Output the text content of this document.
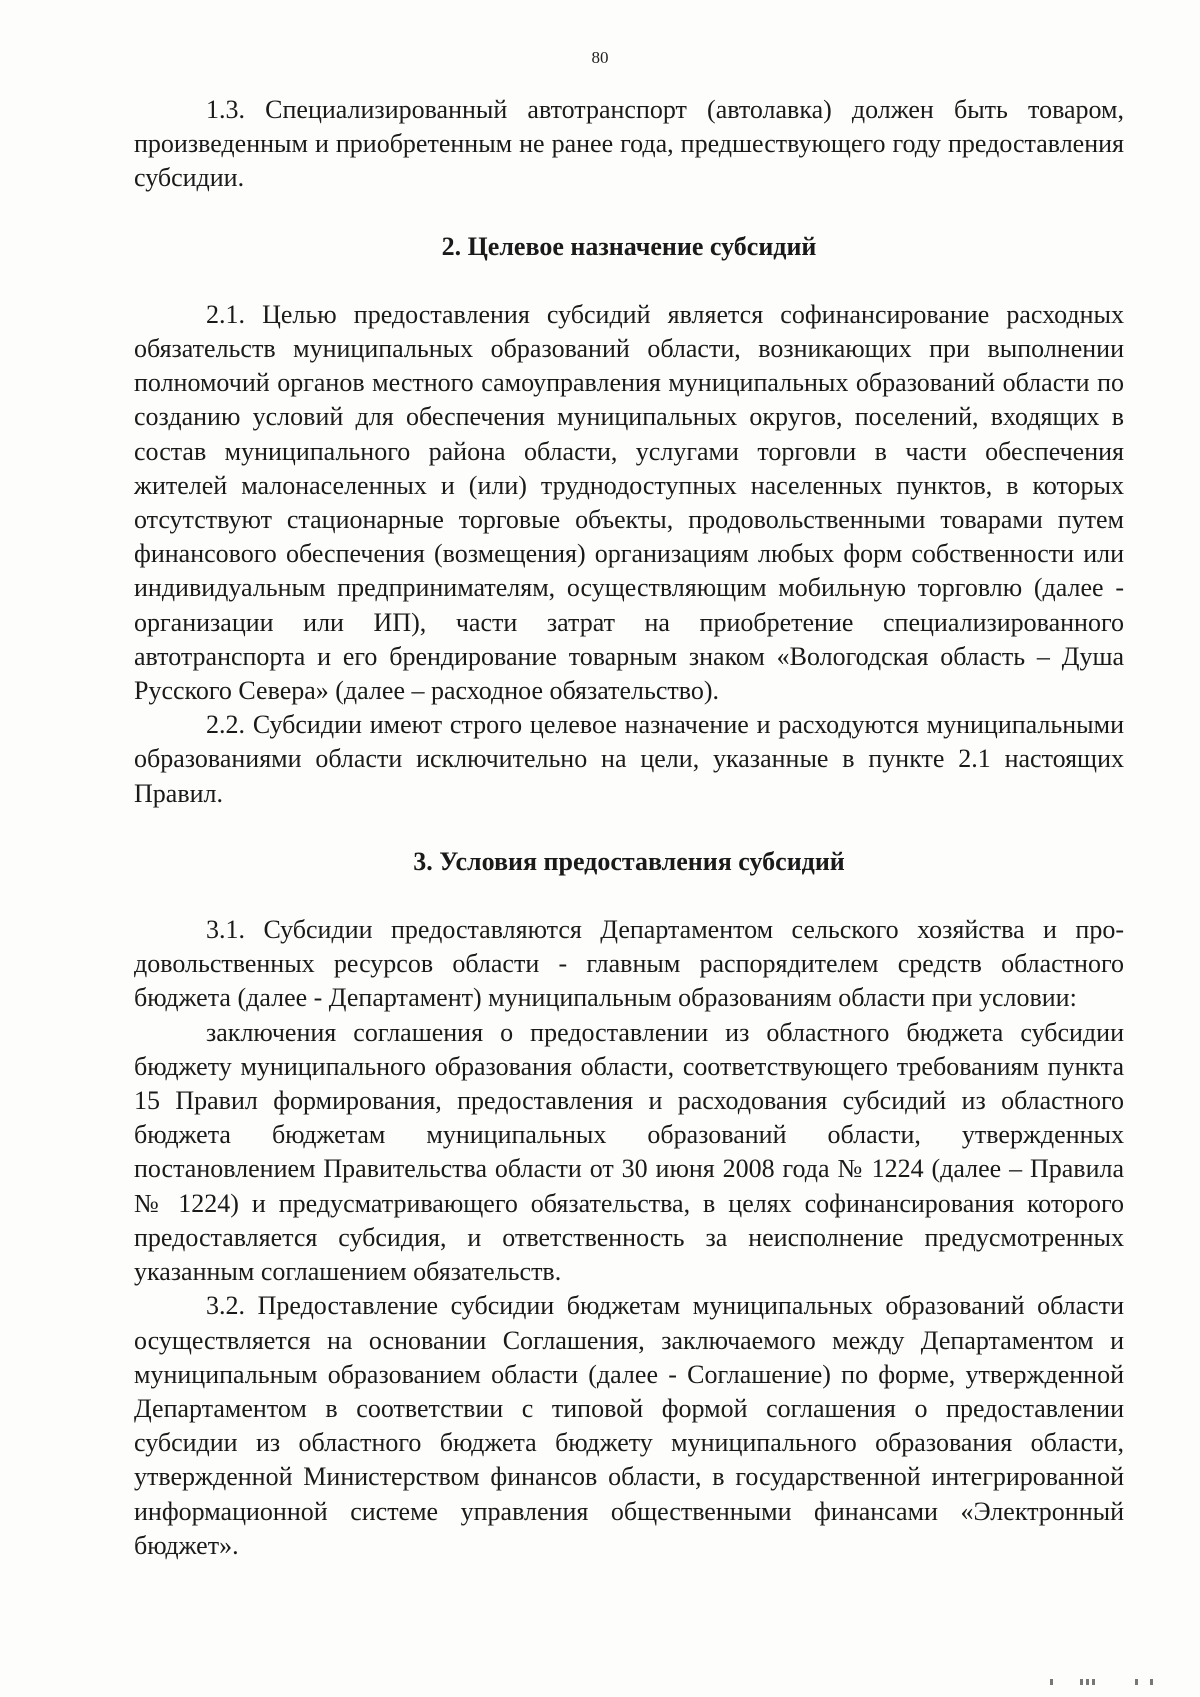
80

1.3. Специализированный автотранспорт (автолавка) должен быть товаром, произведенным и приобретенным не ранее года, предшествующего году предоставления субсидии.

2. Целевое назначение субсидий

2.1. Целью предоставления субсидий является софинансирование расходных обязательств муниципальных образований области, возникающих при выполнении полномочий органов местного самоуправления муниципальных образований области по созданию условий для обеспечения муниципальных округов, поселений, входящих в состав муниципального района области, услугами торговли в части обеспечения жителей малонаселенных и (или) труднодоступных населенных пунктов, в которых отсутствуют стационарные торговые объекты, продовольственными товарами путем финансового обеспечения (возмещения) организациям любых форм собственности или индивидуальным предпринимателям, осуществляющим мобильную торговлю (далее - организации или ИП), части затрат на приобретение специализированного автотранспорта и его брендирование товарным знаком «Вологодская область – Душа Русского Севера» (далее – расходное обязательство).

2.2. Субсидии имеют строго целевое назначение и расходуются муниципальными образованиями области исключительно на цели, указанные в пункте 2.1 настоящих Правил.

3. Условия предоставления субсидий

3.1. Субсидии предоставляются Департаментом сельского хозяйства и продовольственных ресурсов области - главным распорядителем средств областного бюджета (далее - Департамент) муниципальным образованиям области при условии:

заключения соглашения о предоставлении из областного бюджета субсидии бюджету муниципального образования области, соответствующего требованиям пункта 15 Правил формирования, предоставления и расходования субсидий из областного бюджета бюджетам муниципальных образований области, утвержденных постановлением Правительства области от 30 июня 2008 года № 1224 (далее – Правила № 1224) и предусматривающего обязательства, в целях софинансирования которого предоставляется субсидия, и ответственность за неисполнение предусмотренных указанным соглашением обязательств.

3.2. Предоставление субсидии бюджетам муниципальных образований области осуществляется на основании Соглашения, заключаемого между Департаментом и муниципальным образованием области (далее - Соглашение) по форме, утвержденной Департаментом в соответствии с типовой формой соглашения о предоставлении субсидии из областного бюджета бюджету муниципального образования области, утвержденной Министерством финансов области, в государственной интегрированной информационной системе управления общественными финансами «Электронный бюджет».
